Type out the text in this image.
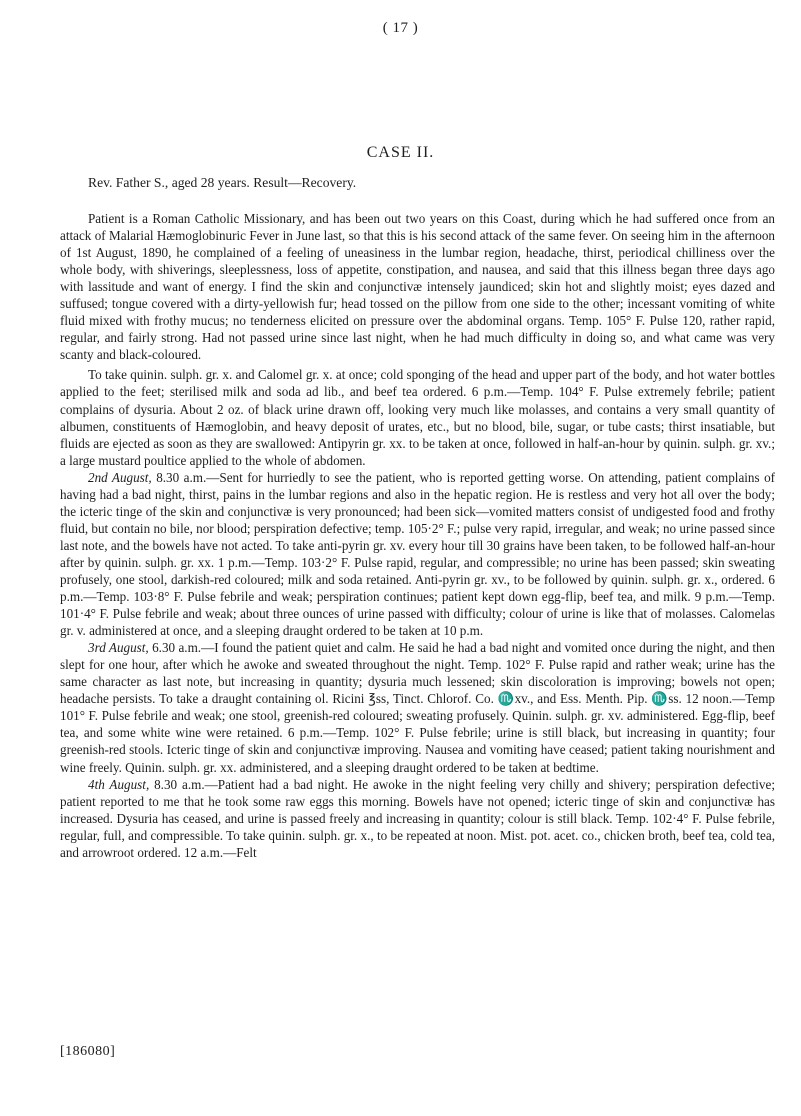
( 17 )
CASE II.
Rev. Father S., aged 28 years. Result—Recovery.

Patient is a Roman Catholic Missionary, and has been out two years on this Coast, during which he had suffered once from an attack of Malarial Hæmoglobinuric Fever in June last, so that this is his second attack of the same fever. On seeing him in the afternoon of 1st August, 1890, he complained of a feeling of uneasiness in the lumbar region, headache, thirst, periodical chilliness over the whole body, with shiverings, sleeplessness, loss of appetite, constipation, and nausea, and said that this illness began three days ago with lassitude and want of energy. I find the skin and conjunctivæ intensely jaundiced; skin hot and slightly moist; eyes dazed and suffused; tongue covered with a dirty-yellowish fur; head tossed on the pillow from one side to the other; incessant vomiting of white fluid mixed with frothy mucus; no tenderness elicited on pressure over the abdominal organs. Temp. 105° F. Pulse 120, rather rapid, regular, and fairly strong. Had not passed urine since last night, when he had much difficulty in doing so, and what came was very scanty and black-coloured.

To take quinin. sulph. gr. x. and Calomel gr. x. at once; cold sponging of the head and upper part of the body, and hot water bottles applied to the feet; sterilised milk and soda ad lib., and beef tea ordered. 6 p.m.—Temp. 104° F. Pulse extremely febrile; patient complains of dysuria. About 2 oz. of black urine drawn off, looking very much like molasses, and contains a very small quantity of albumen, constituents of Hæmoglobin, and heavy deposit of urates, etc., but no blood, bile, sugar, or tube casts; thirst insatiable, but fluids are ejected as soon as they are swallowed: Antipyrin gr. xx. to be taken at once, followed in half-an-hour by quinin. sulph. gr. xv.; a large mustard poultice applied to the whole of abdomen.

2nd August, 8.30 a.m.—Sent for hurriedly to see the patient, who is reported getting worse. On attending, patient complains of having had a bad night, thirst, pains in the lumbar regions and also in the hepatic region. He is restless and very hot all over the body; the icteric tinge of the skin and conjunctivæ is very pronounced; had been sick—vomited matters consist of undigested food and frothy fluid, but contain no bile, nor blood; perspiration defective; temp. 105·2° F.; pulse very rapid, irregular, and weak; no urine passed since last note, and the bowels have not acted. To take anti-pyrin gr. xv. every hour till 30 grains have been taken, to be followed half-an-hour after by quinin. sulph. gr. xx. 1 p.m.—Temp. 103·2° F. Pulse rapid, regular, and compressible; no urine has been passed; skin sweating profusely, one stool, darkish-red coloured; milk and soda retained. Anti-pyrin gr. xv., to be followed by quinin. sulph. gr. x., ordered. 6 p.m.—Temp. 103·8° F. Pulse febrile and weak; perspiration continues; patient kept down egg-flip, beef tea, and milk. 9 p.m.—Temp. 101·4° F. Pulse febrile and weak; about three ounces of urine passed with difficulty; colour of urine is like that of molasses. Calomelas gr. v. administered at once, and a sleeping draught ordered to be taken at 10 p.m.

3rd August, 6.30 a.m.—I found the patient quiet and calm. He said he had a bad night and vomited once during the night, and then slept for one hour, after which he awoke and sweated throughout the night. Temp. 102° F. Pulse rapid and rather weak; urine has the same character as last note, but increasing in quantity; dysuria much lessened; skin discoloration is improving; bowels not open; headache persists. To take a draught containing ol. Ricini ℥ss, Tinct. Chlorof. Co. ♏xv., and Ess. Menth. Pip. ♏ss. 12 noon.—Temp 101° F. Pulse febrile and weak; one stool, greenish-red coloured; sweating profusely. Quinin. sulph. gr. xv. administered. Egg-flip, beef tea, and some white wine were retained. 6 p.m.—Temp. 102° F. Pulse febrile; urine is still black, but increasing in quantity; four greenish-red stools. Icteric tinge of skin and conjunctivæ improving. Nausea and vomiting have ceased; patient taking nourishment and wine freely. Quinin. sulph. gr. xx. administered, and a sleeping draught ordered to be taken at bedtime.

4th August, 8.30 a.m.—Patient had a bad night. He awoke in the night feeling very chilly and shivery; perspiration defective; patient reported to me that he took some raw eggs this morning. Bowels have not opened; icteric tinge of skin and conjunctivæ has increased. Dysuria has ceased, and urine is passed freely and increasing in quantity; colour is still black. Temp. 102·4° F. Pulse febrile, regular, full, and compressible. To take quinin. sulph. gr. x., to be repeated at noon. Mist. pot. acet. co., chicken broth, beef tea, cold tea, and arrowroot ordered. 12 a.m.—Felt

[186080]
